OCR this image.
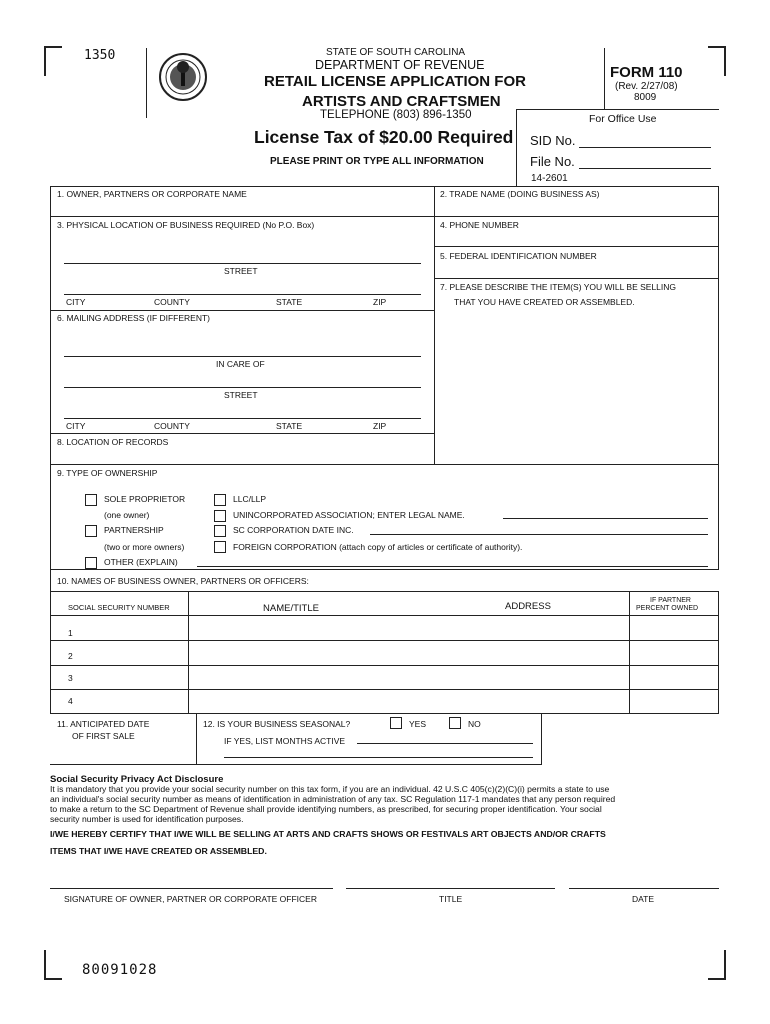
1350	STATE OF SOUTH CAROLINA
DEPARTMENT OF REVENUE
RETAIL LICENSE APPLICATION FOR
ARTISTS AND CRAFTSMEN
TELEPHONE (803) 896-1350
FORM 110
(Rev. 2/27/08)
8009
For Office Use
License Tax of $20.00 Required
PLEASE PRINT OR TYPE ALL INFORMATION
SID No.
File No.
14-2601
1. OWNER, PARTNERS OR CORPORATE NAME	2. TRADE NAME (DOING BUSINESS AS)
3. PHYSICAL LOCATION OF BUSINESS REQUIRED (No P.O. Box)	4. PHONE NUMBER
5. FEDERAL IDENTIFICATION NUMBER
STREET
CITY	COUNTY	STATE	ZIP
7. PLEASE DESCRIBE THE ITEM(S) YOU WILL BE SELLING
THAT YOU HAVE CREATED OR ASSEMBLED.
6. MAILING ADDRESS (IF DIFFERENT)
IN CARE OF
STREET
CITY	COUNTY	STATE	ZIP
8. LOCATION OF RECORDS
9. TYPE OF OWNERSHIP
SOLE PROPRIETOR
(one owner)
PARTNERSHIP
(two or more owners)
OTHER (EXPLAIN)
LLC/LLP
UNINCORPORATED ASSOCIATION; ENTER LEGAL NAME.
SC CORPORATION DATE INC.
FOREIGN CORPORATION (attach copy of articles or certificate of authority).
10. NAMES OF BUSINESS OWNER, PARTNERS OR OFFICERS:
SOCIAL SECURITY NUMBER	NAME/TITLE	ADDRESS
IF PARTNER
PERCENT OWNED
1
2
3
4
11. ANTICIPATED DATE
OF FIRST SALE
12. IS YOUR BUSINESS SEASONAL?	YES	NO
IF YES, LIST MONTHS ACTIVE
Social Security Privacy Act Disclosure
It is mandatory that you provide your social security number on this tax form, if you are an individual. 42 U.S.C 405(c)(2)(C)(i) permits a state to use
an individual's social security number as means of identification in administration of any tax. SC Regulation 117-1 mandates that any person required
to make a return to the SC Department of Revenue shall provide identifying numbers, as prescribed, for securing proper identification. Your social
security number is used for identification purposes.
I/WE HEREBY CERTIFY THAT I/WE WILL BE SELLING AT ARTS AND CRAFTS SHOWS OR FESTIVALS ART OBJECTS AND/OR CRAFTS
ITEMS THAT I/WE HAVE CREATED OR ASSEMBLED.
SIGNATURE OF OWNER, PARTNER OR CORPORATE OFFICER	TITLE	DATE
80091028
